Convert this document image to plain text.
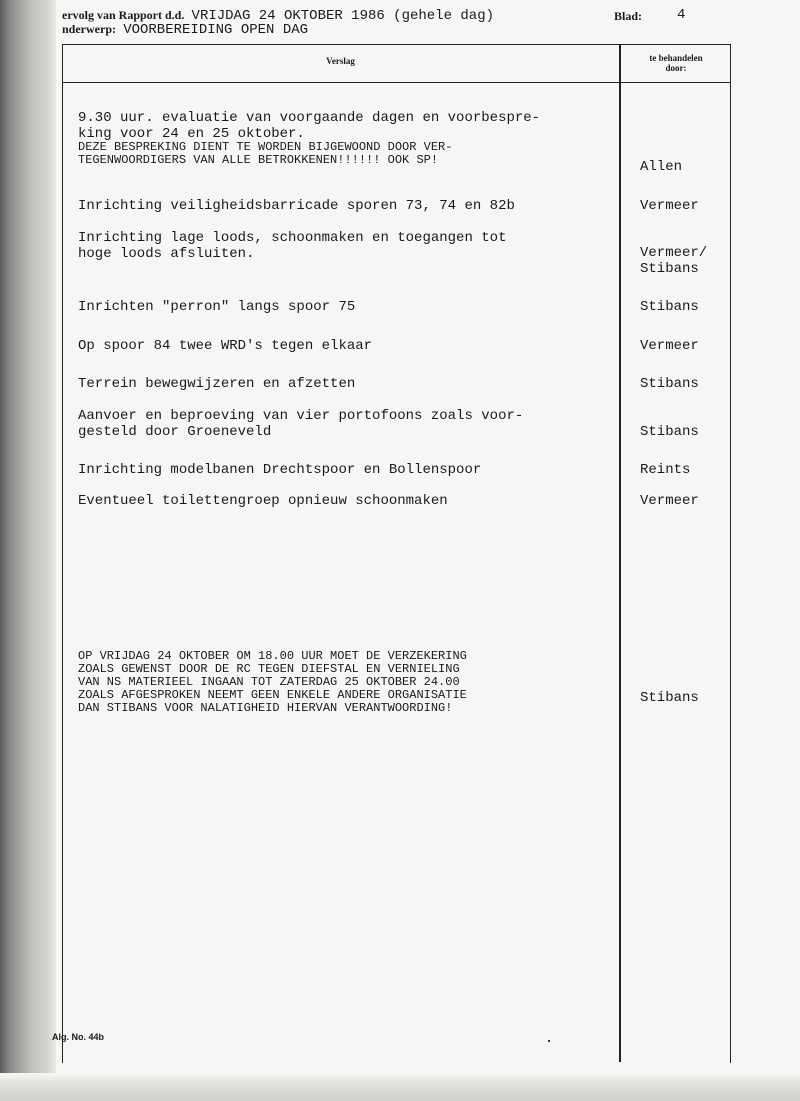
ervolg van Rapport d.d. VRIJDAG 24 OKTOBER 1986 (gehele dag)
nderwerp: VOORBEREIDING OPEN DAG
Blad: 4
Verslag	te behandelen
door:
9.30 uur. evaluatie van voorgaande dagen en voorbespre-
king voor 24 en 25 oktober.
DEZE BESPREKING DIENT TE WORDEN BIJGEWOOND DOOR VER-
TEGENWOORDIGERS VAN ALLE BETROKKENEN!!!!!! OOK SP!
Inrichting veiligheidsbarricade sporen 73, 74 en 82b
Inrichting lage loods, schoonmaken en toegangen tot
hoge loods afsluiten.
Inrichten "perron" langs spoor 75
Op spoor 84 twee WRD's tegen elkaar
Terrein bewegwijzeren en afzetten
Aanvoer en beproeving van vier portofoons zoals voor-
gesteld door Groeneveld
Inrichting modelbanen Drechtspoor en Bollenspoor
Eventueel toilettengroep opnieuw schoonmaken
OP VRIJDAG 24 OKTOBER OM 18.00 UUR MOET DE VERZEKERING
ZOALS GEWENST DOOR DE RC TEGEN DIEFSTAL EN VERNIELING
VAN NS MATERIEEL INGAAN TOT ZATERDAG 25 OKTOBER 24.00
ZOALS AFGESPROKEN NEEMT GEEN ENKELE ANDERE ORGANISATIE
DAN STIBANS VOOR NALATIGHEID HIERVAN VERANTWOORDING!
Allen
Vermeer
Vermeer/
Stibans
Stibans
Vermeer
Stibans
Stibans
Reints
Vermeer
Stibans
Alg. No. 44b
